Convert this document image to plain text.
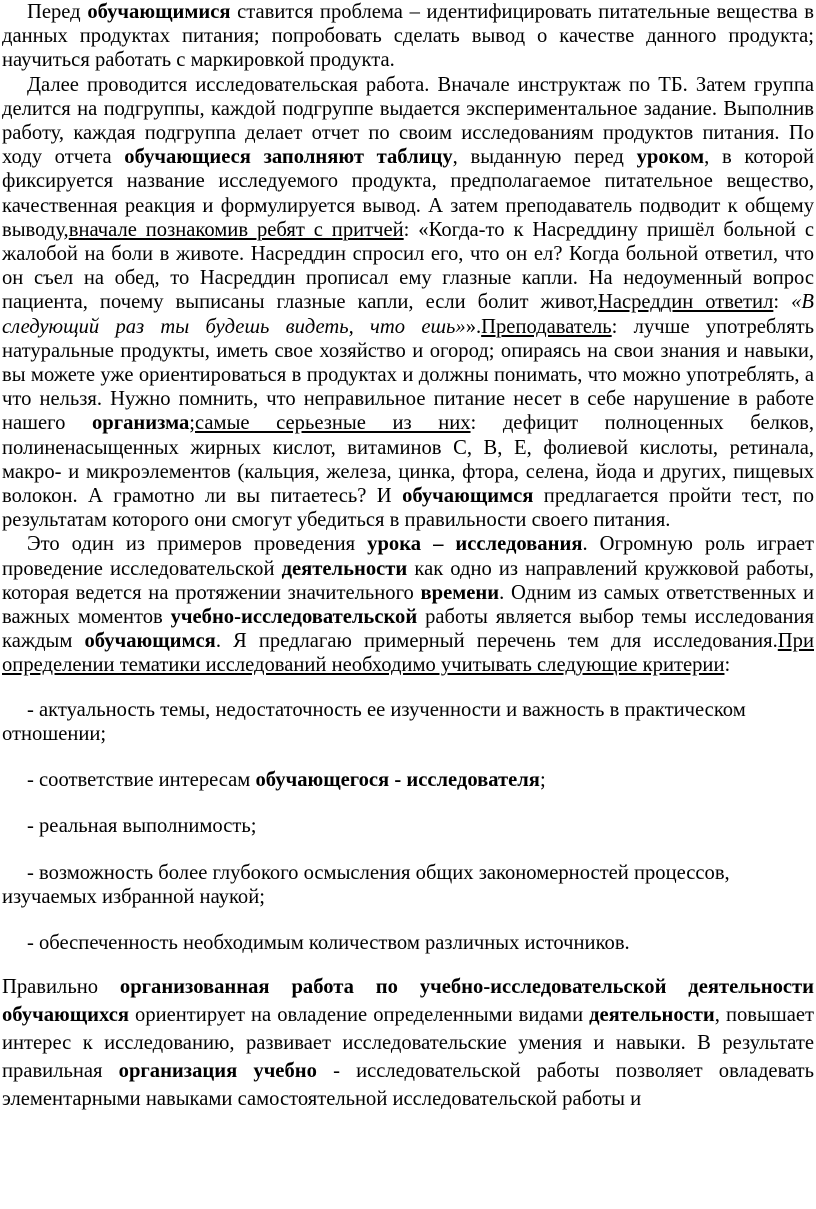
Перед обучающимися ставится проблема – идентифицировать питательные вещества в данных продуктах питания; попробовать сделать вывод о качестве данного продукта; научиться работать с маркировкой продукта.

Далее проводится исследовательская работа. Вначале инструктаж по ТБ. Затем группа делится на подгруппы, каждой подгруппе выдается экспериментальное задание. Выполнив работу, каждая подгруппа делает отчет по своим исследованиям продуктов питания. По ходу отчета обучающиеся заполняют таблицу, выданную перед уроком, в которой фиксируется название исследуемого продукта, предполагаемое питательное вещество, качественная реакция и формулируется вывод. А затем преподаватель подводит к общему выводу,вначале познакомив ребят с притчей: «Когда-то к Насреддину пришёл больной с жалобой на боли в животе. Насреддин спросил его, что он ел? Когда больной ответил, что он съел на обед, то Насреддин прописал ему глазные капли. На недоуменный вопрос пациента, почему выписаны глазные капли, если болит живот,Насреддин ответил: «В следующий раз ты будешь видеть, что ешь»».Преподаватель: лучше употреблять натуральные продукты, иметь свое хозяйство и огород; опираясь на свои знания и навыки, вы можете уже ориентироваться в продуктах и должны понимать, что можно употреблять, а что нельзя. Нужно помнить, что неправильное питание несет в себе нарушение в работе нашего организма;самые серьезные из них: дефицит полноценных белков, полиненасыщенных жирных кислот, витаминов С, В, Е, фолиевой кислоты, ретинала, макро- и микроэлементов (кальция, железа, цинка, фтора, селена, йода и других, пищевых волокон. А грамотно ли вы питаетесь? И обучающимся предлагается пройти тест, по результатам которого они смогут убедиться в правильности своего питания.

Это один из примеров проведения урока – исследования. Огромную роль играет проведение исследовательской деятельности как одно из направлений кружковой работы, которая ведется на протяжении значительного времени. Одним из самых ответственных и важных моментов учебно-исследовательской работы является выбор темы исследования каждым обучающимся. Я предлагаю примерный перечень тем для исследования.При определении тематики исследований необходимо учитывать следующие критерии:

- актуальность темы, недостаточность ее изученности и важность в практическом отношении;

- соответствие интересам обучающегося - исследователя;

- реальная выполнимость;

- возможность более глубокого осмысления общих закономерностей процессов, изучаемых избранной наукой;

- обеспеченность необходимым количеством различных источников.

Правильно организованная работа по учебно-исследовательской деятельности обучающихся ориентирует на овладение определенными видами деятельности, повышает интерес к исследованию, развивает исследовательские умения и навыки. В результате правильная организация учебно - исследовательской работы позволяет овладевать элементарными навыками самостоятельной исследовательской работы и
